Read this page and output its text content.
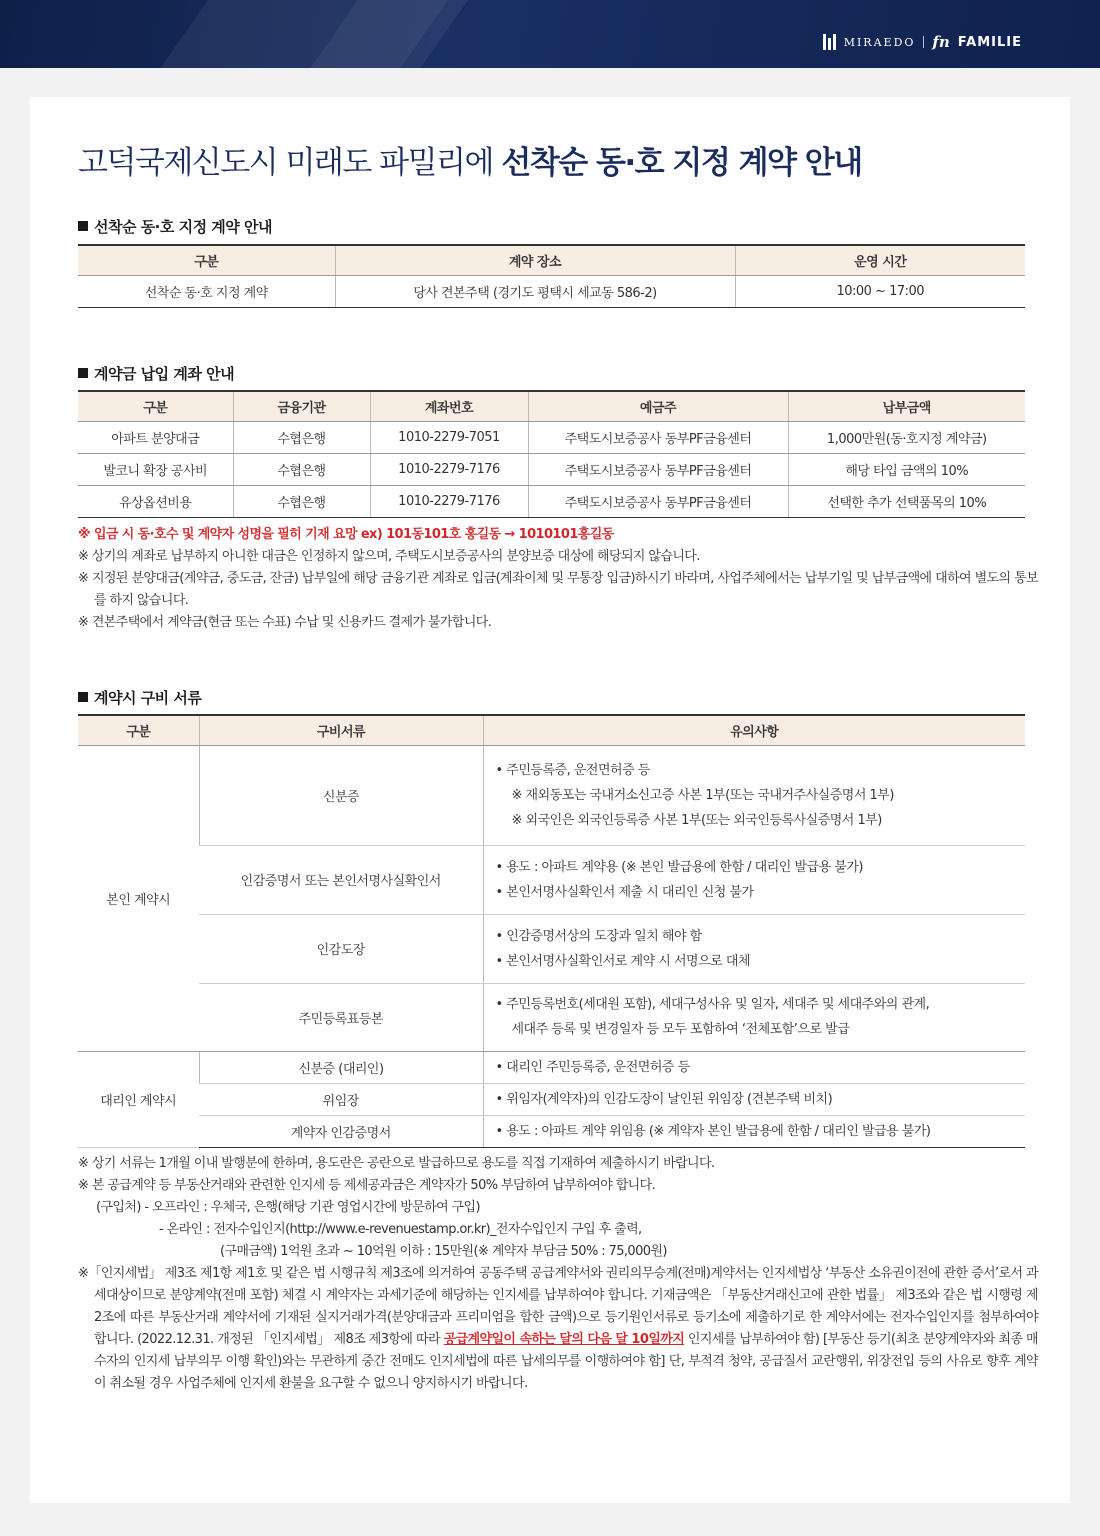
MIRAEDO fn FAMILIE
고덕국제신도시 미래도 파밀리에 선착순 동·호 지정 계약 안내
선착순 동·호 지정 계약 안내
구분	계약 장소	운영 시간
선착순 동·호 지정 계약	당사 견본주택 (경기도 평택시 세교동 586-2)	10:00 ~ 17:00
계약금 납입 계좌 안내
구분	금융기관	계좌번호	예금주	납부금액
아파트 분양대금	수협은행	1010-2279-7051	주택도시보증공사 동부PF금융센터	1,000만원(동·호지정 계약금)
발코니 확장 공사비	수협은행	1010-2279-7176	주택도시보증공사 동부PF금융센터	해당 타입 금액의 10%
유상옵션비용	수협은행	1010-2279-7176	주택도시보증공사 동부PF금융센터	선택한 추가 선택품목의 10%

※ 입금 시 동·호수 및 계약자 성명을 필히 기재 요망 ex) 101동101호 홍길동 → 1010101홍길동

※ 상기의 계좌로 납부하지 아니한 대금은 인정하지 않으며, 주택도시보증공사의 분양보증 대상에 해당되지 않습니다.

※ 지정된 분양대금(계약금, 중도금, 잔금) 납부일에 해당 금융기관 계좌로 입금(계좌이체 및 무통장 입금)하시기 바라며, 사업주체에서는 납부기일 및 납부금액에 대하여 별도의 통보를 하지 않습니다.

※ 견본주택에서 계약금(현금 또는 수표) 수납 및 신용카드 결제가 불가합니다.

계약시 구비 서류
구분	구비서류	유의사항
본인 계약시	신분증	• 주민등록증, 운전면허증 등
※ 재외동포는 국내거소신고증 사본 1부(또는 국내거주사실증명서 1부)
※ 외국인은 외국인등록증 사본 1부(또는 외국인등록사실증명서 1부)

	인감증명서 또는 본인서명사실확인서	• 용도 : 아파트 계약용 (※ 본인 발급용에 한함 / 대리인 발급용 불가)
• 본인서명사실확인서 제출 시 대리인 신청 불가

	인감도장	• 인감증명서상의 도장과 일치 해야 함
• 본인서명사실확인서로 계약 시 서명으로 대체

	주민등록표등본	• 주민등록번호(세대원 포함), 세대구성사유 및 일자, 세대주 및 세대주와의 관계,
세대주 등록 및 변경일자 등 모두 포함하여 ‘전체포함’으로 발급

대리인 계약시	신분증 (대리인)	• 대리인 주민등록증, 운전면허증 등

	위임장	• 위임자(계약자)의 인감도장이 날인된 위임장 (견본주택 비치)

	계약자 인감증명서	• 용도 : 아파트 계약 위임용 (※ 계약자 본인 발급용에 한함 / 대리인 발급용 불가)

※ 상기 서류는 1개월 이내 발행분에 한하며, 용도란은 공란으로 발급하므로 용도를 직접 기재하여 제출하시기 바랍니다.

※ 본 공급계약 등 부동산거래와 관련한 인지세 등 제세공과금은 계약자가 50% 부담하여 납부하여야 합니다.

(구입처) - 오프라인 : 우체국, 은행(해당 기관 영업시간에 방문하여 구입)
- 온라인 : 전자수입인지(http://www.e-revenuestamp.or.kr)_전자수입인지 구입 후 출력,
(구매금액) 1억원 초과 ~ 10억원 이하 : 15만원(※ 계약자 부담금 50% : 75,000원)

※「인지세법」 제3조 제1항 제1호 및 같은 법 시행규칙 제3조에 의거하여 공동주택 공급계약서와 권리의무승계(전매)계약서는 인지세법상 ‘부동산 소유권이전에 관한 증서’로서 과세대상이므로 분양계약(전매 포함) 체결 시 계약자는 과세기준에 해당하는 인지세를 납부하여야 합니다. 기재금액은 「부동산거래신고에 관한 법률」 제3조와 같은 법 시행령 제2조에 따른 부동산거래 계약서에 기재된 실지거래가격(분양대금과 프리미엄을 합한 금액)으로 등기원인서류로 등기소에 제출하기로 한 계약서에는 전자수입인지를 첨부하여야 합니다. (2022.12.31. 개정된 「인지세법」 제8조 제3항에 따라 공급계약일이 속하는 달의 다음 달 10일까지 인지세를 납부하여야 함) [부동산 등기(최초 분양계약자와 최종 매수자의 인지세 납부의무 이행 확인)와는 무관하게 중간 전매도 인지세법에 따른 납세의무를 이행하여야 함] 단, 부적격 청약, 공급질서 교란행위, 위장전입 등의 사유로 향후 계약이 취소될 경우 사업주체에 인지세 환불을 요구할 수 없으니 양지하시기 바랍니다.
